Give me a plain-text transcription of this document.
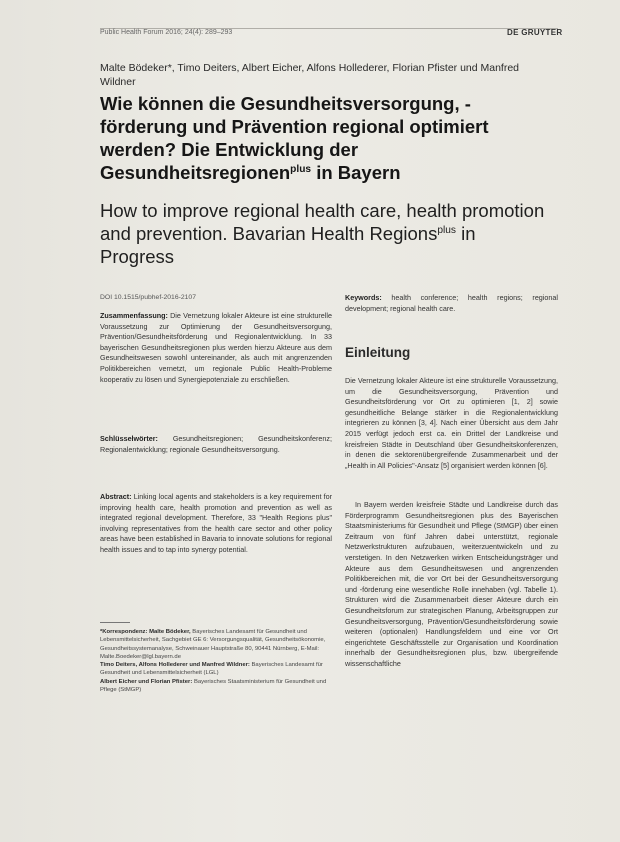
Public Health Forum 2016; 24(4): 289–293	DE GRUYTER
Malte Bödeker*, Timo Deiters, Albert Eicher, Alfons Hollederer, Florian Pfister und Manfred Wildner
Wie können die Gesundheitsversorgung, -förderung und Prävention regional optimiert werden? Die Entwicklung der Gesundheitsregionen$^{plus}$ in Bayern
How to improve regional health care, health promotion and prevention. Bavarian Health Regions$^{plus}$ in Progress
DOI 10.1515/pubhef-2016-2107
Zusammenfassung: Die Vernetzung lokaler Akteure ist eine strukturelle Voraussetzung zur Optimierung der Gesundheitsversorgung, Prävention/Gesundheitsförderung und Regionalentwicklung. In 33 bayerischen Gesundheitsregionen plus werden hierzu Akteure aus dem Gesundheitswesen sowohl untereinander, als auch mit angrenzenden Politikbereichen vernetzt, um regionale Public Health-Probleme kooperativ zu lösen und Synergiepotenziale zu erschließen.
Schlüsselwörter: Gesundheitsregionen; Gesundheitskonferenz; Regionalentwicklung; regionale Gesundheitsversorgung.
Abstract: Linking local agents and stakeholders is a key requirement for improving health care, health promotion and prevention as well as integrated regional development. Therefore, 33 "Health Regions plus" involving representatives from the health care sector and other policy areas have been established in Bavaria to innovate solutions for regional health issues and to tap into synergy potential.
*Korrespondenz: Malte Bödeker, Bayerisches Landesamt für Gesundheit und Lebensmittelsicherheit, Sachgebiet GE 6: Versorgungsqualität, Gesundheitsökonomie, Gesundheitssystemanalyse, Schweinauer Hauptstraße 80, 90441 Nürnberg, E-Mail: Malte.Boedeker@lgl.bayern.de
Timo Deiters, Alfons Hollederer und Manfred Wildner: Bayerisches Landesamt für Gesundheit und Lebensmittelsicherheit (LGL)
Albert Eicher und Florian Pfister: Bayerisches Staatsministerium für Gesundheit und Pflege (StMGP)
Keywords: health conference; health regions; regional development; regional health care.
Einleitung
Die Vernetzung lokaler Akteure ist eine strukturelle Voraussetzung, um die Gesundheitsversorgung, Prävention und Gesundheitsförderung vor Ort zu optimieren [1, 2] sowie gesundheitliche Belange stärker in die Regionalentwicklung integrieren zu können [3, 4]. Nach einer Übersicht aus dem Jahr 2015 verfügt jedoch erst ca. ein Drittel der Landkreise und kreisfreien Städte in Deutschland über Gesundheitskonferenzen, in denen die sektorenübergreifende Zusammenarbeit und der „Health in All Policies"-Ansatz [5] organisiert werden können [6].
In Bayern werden kreisfreie Städte und Landkreise durch das Förderprogramm Gesundheitsregionen plus des Bayerischen Staatsministeriums für Gesundheit und Pflege (StMGP) über einen Zeitraum von fünf Jahren dabei unterstützt, regionale Netzwerkstrukturen aufzubauen, weiterzuentwickeln und zu verstetigen. In den Netzwerken wirken Entscheidungsträger und Akteure aus dem Gesundheitswesen und angrenzenden Politikbereichen mit, die vor Ort bei der Gesundheitsversorgung und -förderung eine wesentliche Rolle innehaben (vgl. Tabelle 1). Strukturen wird die Zusammenarbeit dieser Akteure durch ein Gesundheitsforum zur strategischen Planung, Arbeitsgruppen zur Gesundheitsversorgung, Prävention/Gesundheitsförderung sowie weiteren (optionalen) Handlungsfeldern und eine vor Ort eingerichtete Geschäftsstelle zur Organisation und Koordination innerhalb der Gesundheitsregionen plus, bzw. übergreifende wissenschaftliche
